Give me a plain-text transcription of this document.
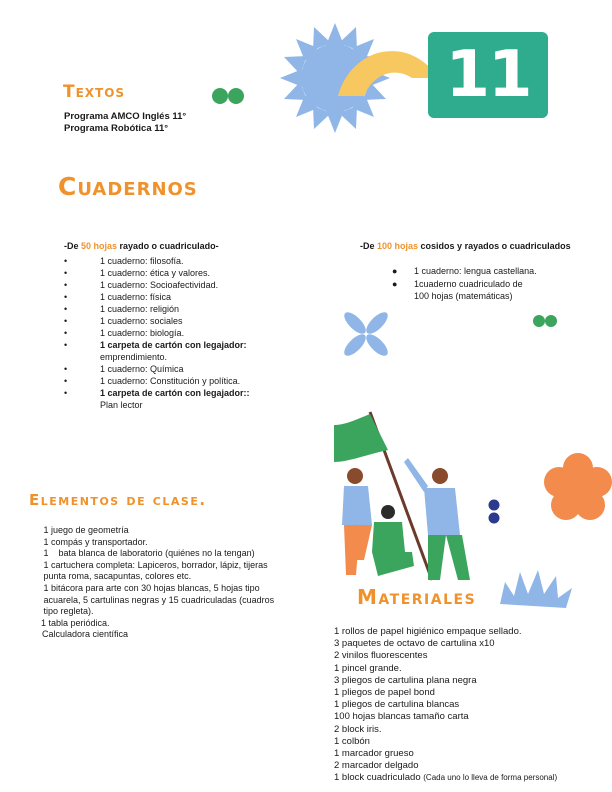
11
Textos
Programa AMCO Inglés 11°
Programa Robótica 11°
Cuadernos
-De 50 hojas rayado o cuadriculado-
•	1 cuaderno: filosofía.
•	1 cuaderno: ética y valores.
•	1 cuaderno: Socioafectividad.
•	1 cuaderno: física
•	1 cuaderno: religión
•	1 cuaderno: sociales
•	1 cuaderno: biología.
•	1 carpeta de cartón con legajador: emprendimiento.
•	1 cuaderno: Química
•	1 cuaderno: Constitución y política.
•	1 carpeta de cartón con legajador:: Plan lector
-De 100 hojas cosidos y rayados o cuadriculados
● 1 cuaderno: lengua castellana.
● 1cuaderno cuadriculado de 100 hojas (matemáticas)
Elementos de clase.
1 juego de geometría
1 compás y transportador.
1    bata blanca de laboratorio (quiénes no la tengan)
1 cartuchera completa: Lapiceros, borrador, lápiz, tijeras
punta roma, sacapuntas, colores etc.
1 bitácora para arte con 30 hojas blancas, 5 hojas tipo
acuarela, 5 cartulinas negras y 15 cuadriculadas (cuadros
tipo regleta).
1 tabla periódica.
Calculadora científica
Materiales
1 rollos de papel higiénico empaque sellado.
3 paquetes de octavo de cartulina x10
2 vinilos fluorescentes
1 pincel grande.
3 pliegos de cartulina plana negra
1 pliegos de papel bond
1 pliegos de cartulina blancas
100 hojas blancas tamaño carta
2 block iris.
1 colbón
1 marcador grueso
2 marcador delgado
1 block cuadriculado (Cada uno lo lleva de forma personal)
